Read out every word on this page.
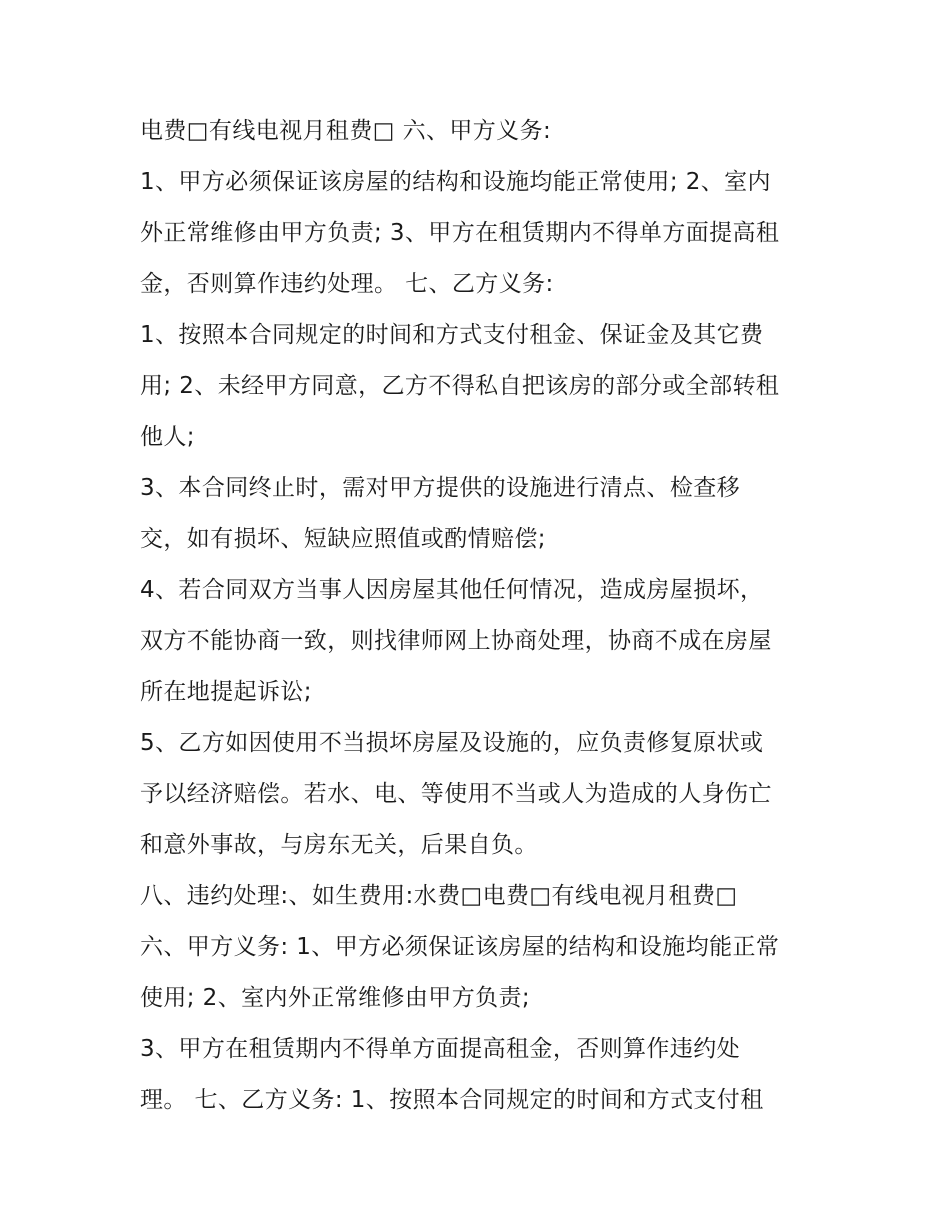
电费□有线电视月租费□ 六、甲方义务:
1、甲方必须保证该房屋的结构和设施均能正常使用; 2、室内
外正常维修由甲方负责; 3、甲方在租赁期内不得单方面提高租
金，否则算作违约处理。 七、乙方义务:
1、按照本合同规定的时间和方式支付租金、保证金及其它费
用; 2、未经甲方同意，乙方不得私自把该房的部分或全部转租
他人;
3、本合同终止时，需对甲方提供的设施进行清点、检查移
交，如有损坏、短缺应照值或酌情赔偿;
4、若合同双方当事人因房屋其他任何情况，造成房屋损坏，
双方不能协商一致，则找律师网上协商处理，协商不成在房屋
所在地提起诉讼;
5、乙方如因使用不当损坏房屋及设施的，应负责修复原状或
予以经济赔偿。若水、电、等使用不当或人为造成的人身伤亡
和意外事故，与房东无关，后果自负。
八、违约处理:、如生费用:水费□电费□有线电视月租费□
六、甲方义务: 1、甲方必须保证该房屋的结构和设施均能正常
使用; 2、室内外正常维修由甲方负责;
3、甲方在租赁期内不得单方面提高租金，否则算作违约处
理。 七、乙方义务: 1、按照本合同规定的时间和方式支付租
